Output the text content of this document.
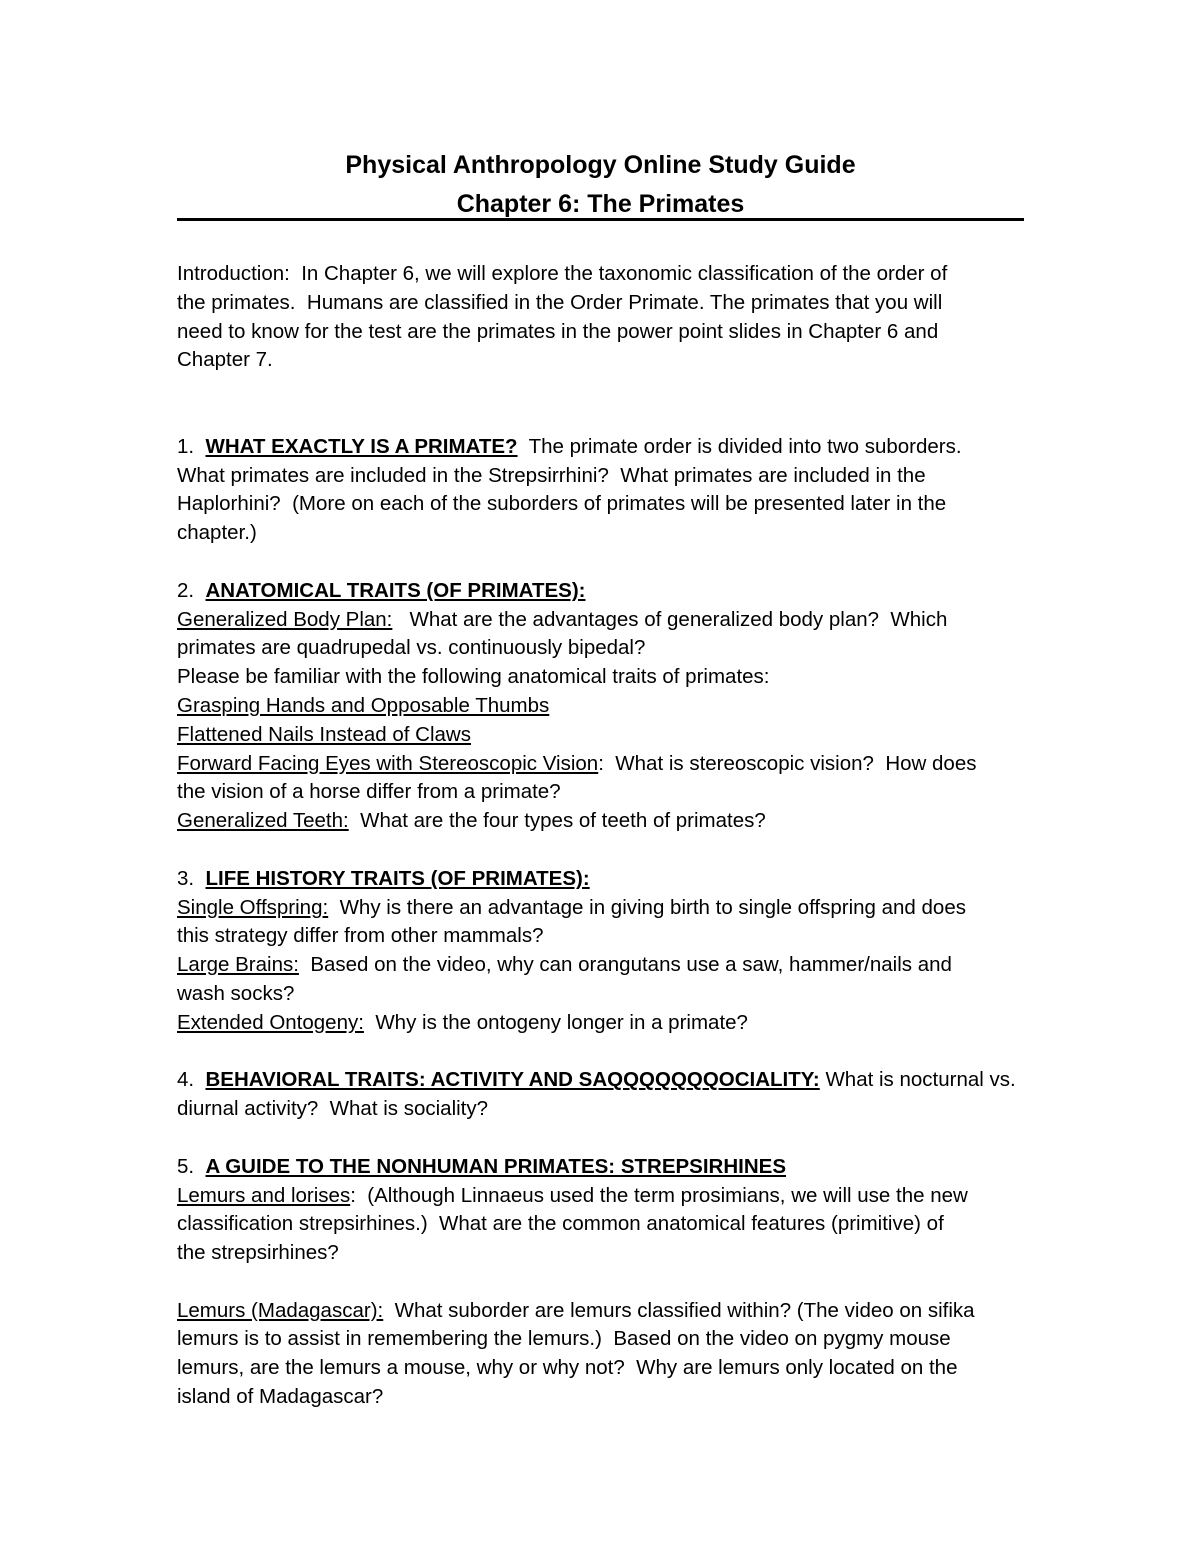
Physical Anthropology Online Study Guide
Chapter 6: The Primates
Introduction:  In Chapter 6, we will explore the taxonomic classification of the order of
the primates.  Humans are classified in the Order Primate. The primates that you will
need to know for the test are the primates in the power point slides in Chapter 6 and
Chapter 7.
1.  WHAT EXACTLY IS A PRIMATE?  The primate order is divided into two suborders.
What primates are included in the Strepsirrhini?  What primates are included in the
Haplorhini?  (More on each of the suborders of primates will be presented later in the
chapter.)
2.  ANATOMICAL TRAITS (OF PRIMATES):
Generalized Body Plan:   What are the advantages of generalized body plan?  Which
primates are quadrupedal vs. continuously bipedal?
Please be familiar with the following anatomical traits of primates:
Grasping Hands and Opposable Thumbs
Flattened Nails Instead of Claws
Forward Facing Eyes with Stereoscopic Vision:  What is stereoscopic vision?  How does
the vision of a horse differ from a primate?
Generalized Teeth:  What are the four types of teeth of primates?
3.  LIFE HISTORY TRAITS (OF PRIMATES):
Single Offspring:  Why is there an advantage in giving birth to single offspring and does
this strategy differ from other mammals?
Large Brains:  Based on the video, why can orangutans use a saw, hammer/nails and
wash socks?
Extended Ontogeny:  Why is the ontogeny longer in a primate?
4.  BEHAVIORAL TRAITS: ACTIVITY AND SAQQQQQQQOCIALITY: What is nocturnal vs.
diurnal activity?  What is sociality?
5.  A GUIDE TO THE NONHUMAN PRIMATES: STREPSIRHINES
Lemurs and lorises:  (Although Linnaeus used the term prosimians, we will use the new
classification strepsirhines.)  What are the common anatomical features (primitive) of
the strepsirhines?
Lemurs (Madagascar):  What suborder are lemurs classified within? (The video on sifika
lemurs is to assist in remembering the lemurs.)  Based on the video on pygmy mouse
lemurs, are the lemurs a mouse, why or why not?  Why are lemurs only located on the
island of Madagascar?
